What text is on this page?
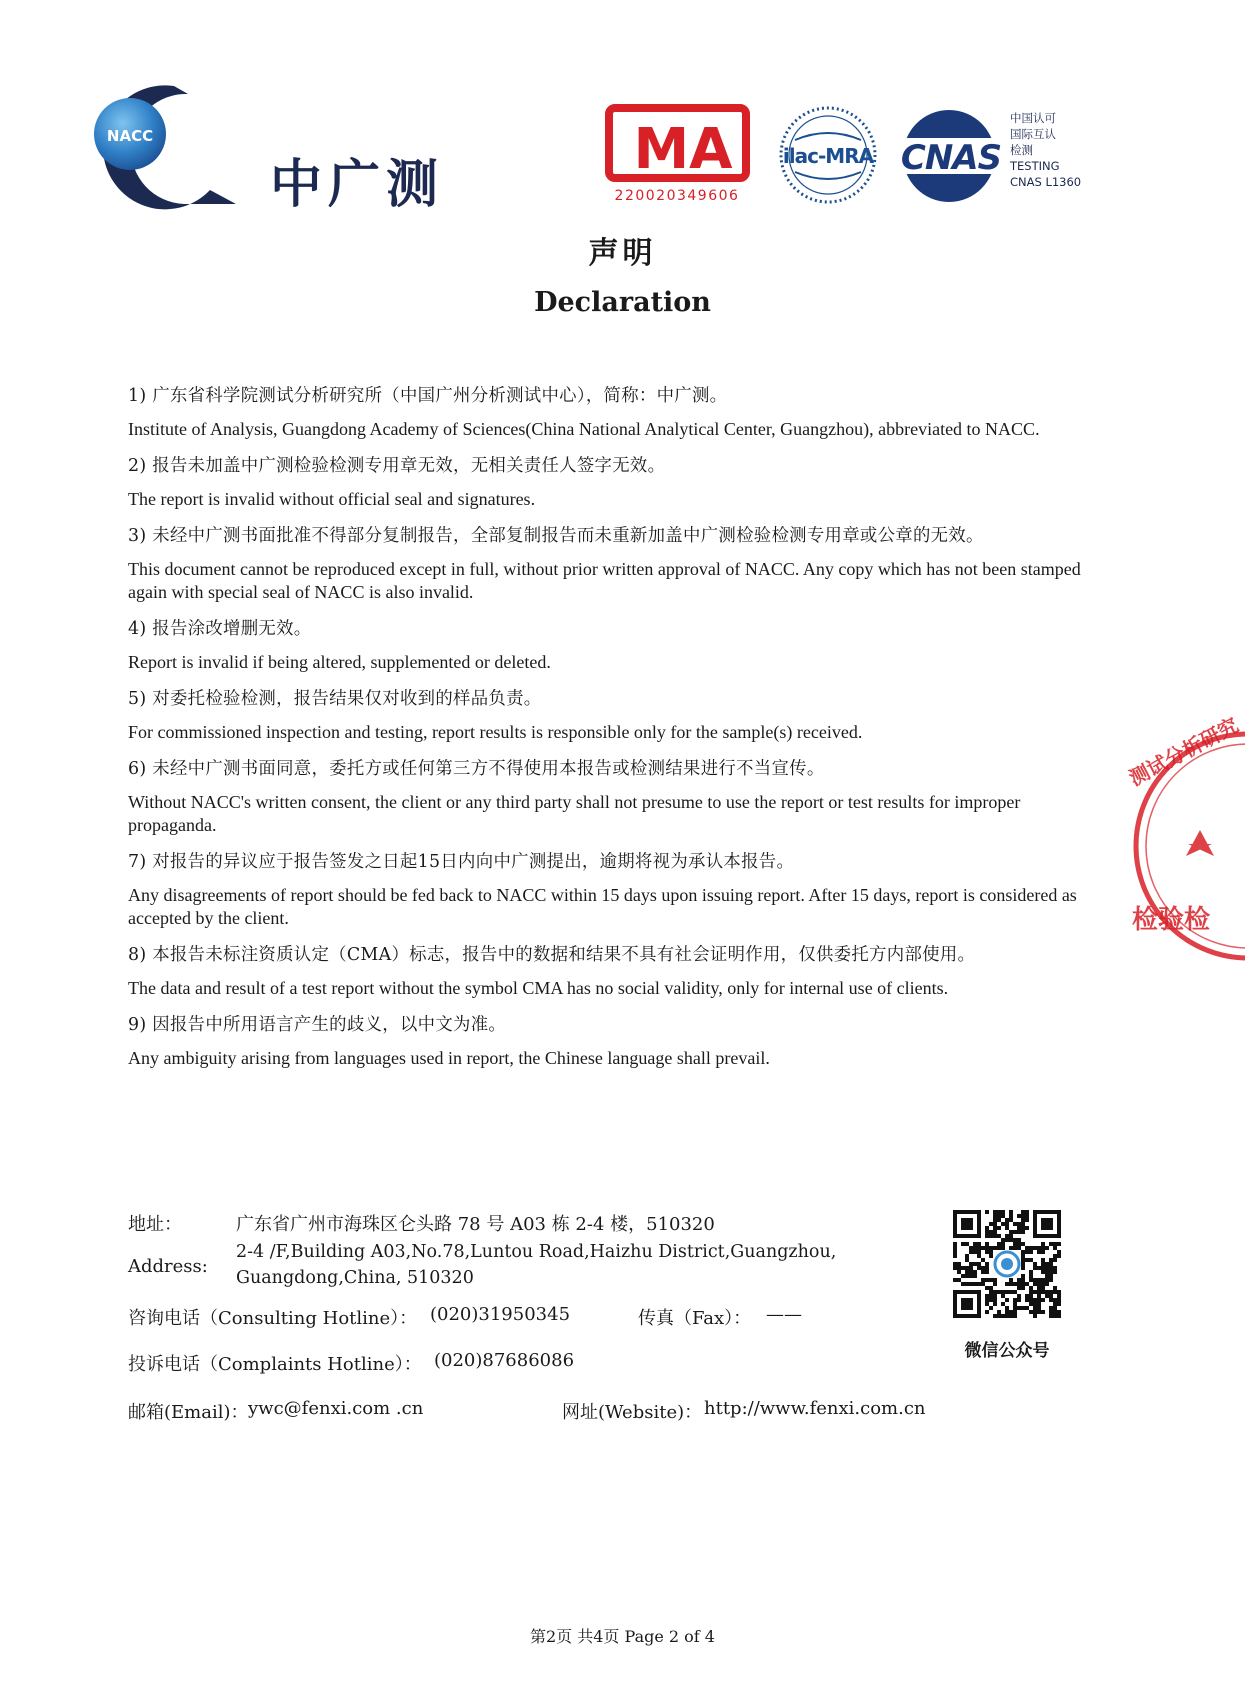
NACC
中广测
MA
220020349606
ilac-MRA CNAS
中国认可
国际互认
检测
TESTING
CNAS L1360
声明
Declaration

1) 广东省科学院测试分析研究所（中国广州分析测试中心），简称：中广测。

Institute of Analysis, Guangdong Academy of Sciences(China National Analytical Center, Guangzhou), abbreviated to NACC.

2) 报告未加盖中广测检验检测专用章无效，无相关责任人签字无效。

The report is invalid without official seal and signatures.

3) 未经中广测书面批准不得部分复制报告，全部复制报告而未重新加盖中广测检验检测专用章或公章的无效。

This document cannot be reproduced except in full, without prior written approval of NACC. Any copy which has not been stamped again with special seal of NACC is also invalid.

4) 报告涂改增删无效。

Report is invalid if being altered, supplemented or deleted.

5) 对委托检验检测，报告结果仅对收到的样品负责。

For commissioned inspection and testing, report results is responsible only for the sample(s) received.

6) 未经中广测书面同意，委托方或任何第三方不得使用本报告或检测结果进行不当宣传。

Without NACC's written consent, the client or any third party shall not presume to use the report or test results for improper propaganda.

7) 对报告的异议应于报告签发之日起15日内向中广测提出，逾期将视为承认本报告。

Any disagreements of report should be fed back to NACC within 15 days upon issuing report. After 15 days, report is considered as accepted by the client.

8) 本报告未标注资质认定（CMA）标志，报告中的数据和结果不具有社会证明作用，仅供委托方内部使用。

The data and result of a test report without the symbol CMA has no social validity, only for internal use of clients.

9) 因报告中所用语言产生的歧义，以中文为准。

Any ambiguity arising from languages used in report, the Chinese language shall prevail.

测试分析研究
检验检
地址：	广东省广州市海珠区仑头路 78 号 A03 栋 2-4 楼，510320
Address:
2-4 /F,Building A03,No.78,Luntou Road,Haizhu District,Guangzhou,
Guangdong,China, 510320
咨询电话（Consulting Hotline）： (020)31950345	传真（Fax）： ——
投诉电话（Complaints Hotline）： (020)87686086
邮箱(Email)： ywc@fenxi.com .cn	网址(Website)： http://www.fenxi.com.cn
微信公众号
第2页 共4页 Page 2 of 4
